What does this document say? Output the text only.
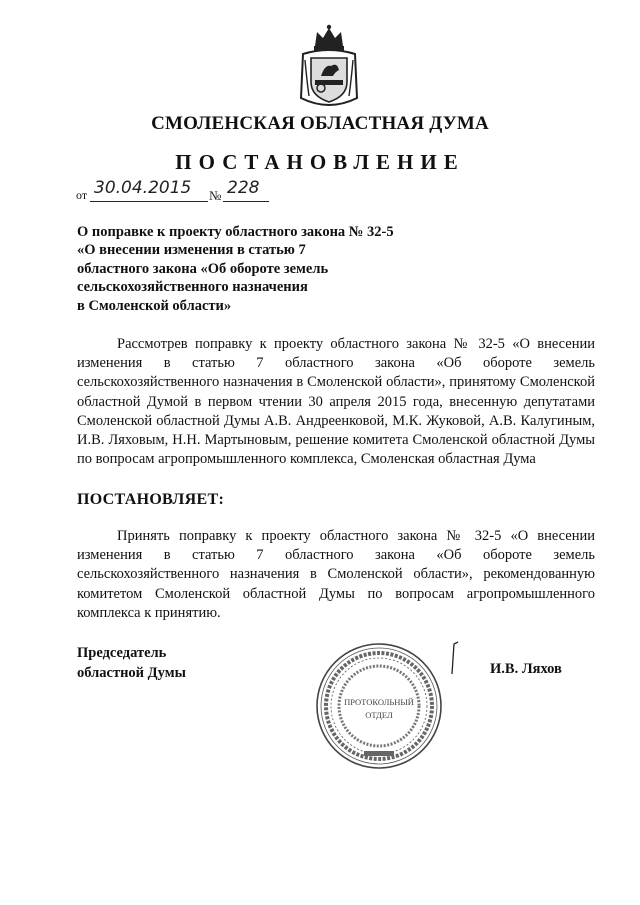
СМОЛЕНСКАЯ ОБЛАСТНАЯ ДУМА
ПОСТАНОВЛЕНИЕ
от 30.04.2015 № 228
О поправке к проекту областного закона № 32-5
«О внесении изменения в статью 7
областного закона «Об обороте земель
сельскохозяйственного назначения
в Смоленской области»

Рассмотрев поправку к проекту областного закона № 32-5 «О внесении изменения в статью 7 областного закона «Об обороте земель сельскохозяйственного назначения в Смоленской области», принятому Смоленской областной Думой в первом чтении 30 апреля 2015 года, внесенную депутатами Смоленской областной Думы А.В. Андреенковой, М.К. Жуковой, А.В. Калугиным, И.В. Ляховым, Н.Н. Мартыновым, решение комитета Смоленской областной Думы по вопросам агропромышленного комплекса, Смоленская областная Дума

ПОСТАНОВЛЯЕТ:

Принять поправку к проекту областного закона № 32-5 «О внесении изменения в статью 7 областного закона «Об обороте земель сельскохозяйственного назначения в Смоленской области», рекомендованную комитетом Смоленской областной Думы по вопросам агропромышленного комплекса к принятию.

Председатель
областной Думы
ПРОТОКОЛЬНЫЙ
ОТДЕЛ
И.В. Ляхов
